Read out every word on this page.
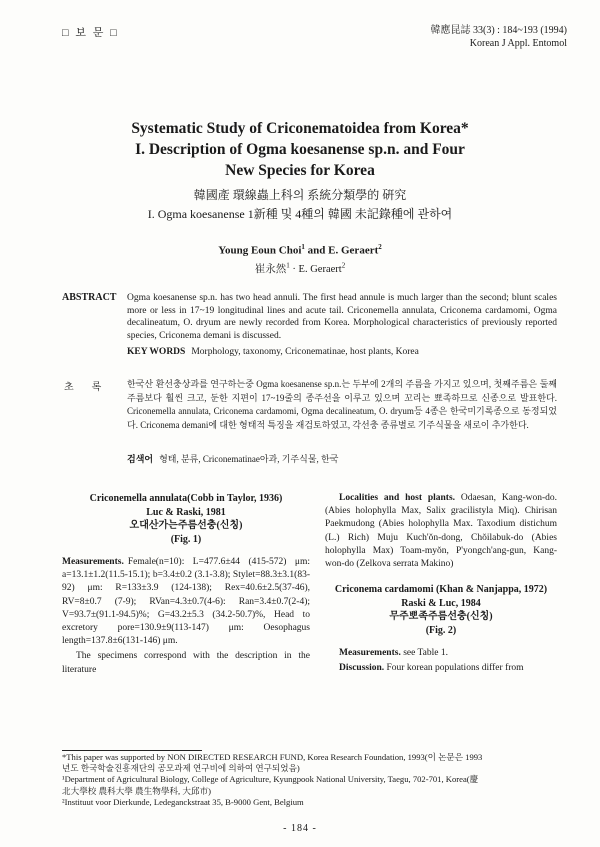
□ 보 문 □	韓應昆誌 33(3) : 184~193 (1994)
Korean J Appl. Entomol
Systematic Study of Criconematoidea from Korea*
I. Description of Ogma koesanense sp.n. and Four
New Species for Korea
韓國產 環線蟲上科의 系統分類學的 硏究
I. Ogma koesanense 1新種 및 4種의 韓國 未記錄種에 관하여
Young Eoun Choi$^1$ and E. Geraert$^2$
崔永然$^1$ · E. Geraert$^2$
ABSTRACT Ogma koesanense sp.n. has two head annuli. The first head annule is much larger than the second; blunt scales more or less in 17~19 longitudinal lines and acute tail. Criconemella annulata, Criconema cardamomi, Ogma decalineatum, O. dryum are newly recorded from Korea. Morphological characteristics of previously reported species, Criconema demani is discussed.
KEY WORDS Morphology, taxonomy, Criconematinae, host plants, Korea
초록 한국산 환선충상과를 연구하는중 Ogma koesanense sp.n.는 두부에 2개의 주름을 가지고 있으며, 첫째주름은 둘째주름보다 훨씬 크고, 둔한 지편이 17~19줄의 종주선을 이루고 있으며 꼬리는 뾰족하므로 신종으로 발표한다. Criconemella annulata, Criconema cardamomi, Ogma decalineatum, O. dryum등 4종은 한국미기록종으로 동정되었다. Criconema demani에 대한 형태적 특징을 재검토하였고, 각선충 종류별로 기주식물을 새로이 추가한다.
검색어 형태, 분류, Criconematinae아과, 기주식물, 한국
Criconemella annulata(Cobb in Taylor, 1936)
Luc & Raski, 1981
오대산가는주름선충(신칭)
(Fig. 1)
Measurements. Female(n=10): L=477.6±44 (415-572) μm: a=13.1±1.2(11.5-15.1); b=3.4±0.2 (3.1-3.8); Stylet=88.3±3.1(83-92) μm: R=133±3.9 (124-138); Rex=40.6±2.5(37-46), RV=8±0.7 (7-9); RVan=4.3±0.7(4-6): Ran=3.4±0.7(2-4); V=93.7±(91.1-94.5)%; G=43.2±5.3 (34.2-50.7)%, Head to excretory pore=130.9±9(113-147) μm: Oesophagus length=137.8±6(131-146) μm.
The specimens correspond with the description in the literature
Localities and host plants. Odaesan, Kang-won-do. (Abies holophylla Max, Salix gracilistyla Miq). Chirisan Paekmudong (Abies holophylla Max. Taxodium distichum (L.) Rich) Muju Kuch'ŏn-dong, Chŏilabuk-do (Abies holophylla Max) Toam-myŏn, P'yongch'ang-gun, Kang-won-do (Zelkova serrata Makino)
Criconema cardamomi (Khan & Nanjappa, 1972)
Raski & Luc, 1984
무주뽀족주름선충(신칭)
(Fig. 2)
Measurements. see Table 1.
Discussion. Four korean populations differ from
*This paper was supported by NON DIRECTED RESEARCH FUND, Korea Research Foundation, 1993(이 논문은 1993
년도 한국학술진흥재단의 공모과제 연구비에 의하여 연구되었음)
¹Department of Agricultural Biology, College of Agriculture, Kyungpook National University, Taegu, 702-701, Korea(慶
北大學校 農科大學 農生物學科, 大邱市)
²Instituut voor Dierkunde, Ledeganckstraat 35, B-9000 Gent, Belgium
- 184 -
